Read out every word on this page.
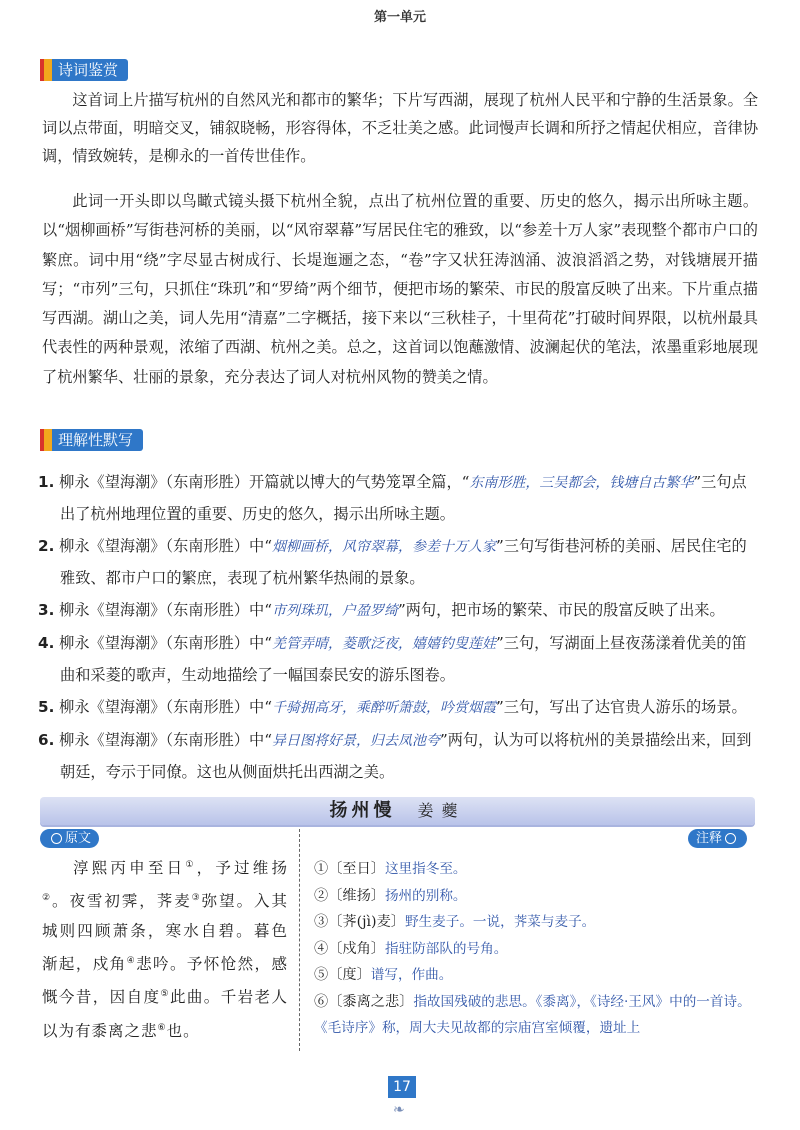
第一单元
诗词鉴赏

这首词上片描写杭州的自然风光和都市的繁华；下片写西湖，展现了杭州人民平和宁静的生活景象。全词以点带面，明暗交叉，铺叙晓畅，形容得体，不乏壮美之感。此词慢声长调和所抒之情起伏相应，音律协调，情致婉转，是柳永的一首传世佳作。

此词一开头即以鸟瞰式镜头摄下杭州全貌，点出了杭州位置的重要、历史的悠久，揭示出所咏主题。以“烟柳画桥”写街巷河桥的美丽，以“风帘翠幕”写居民住宅的雅致，以“参差十万人家”表现整个都市户口的繁庶。词中用“绕”字尽显古树成行、长堤迤逦之态，“卷”字又状狂涛汹涌、波浪滔滔之势，对钱塘展开描写；“市列”三句，只抓住“珠玑”和“罗绮”两个细节，便把市场的繁荣、市民的殷富反映了出来。下片重点描写西湖。湖山之美，词人先用“清嘉”二字概括，接下来以“三秋桂子，十里荷花”打破时间界限，以杭州最具代表性的两种景观，浓缩了西湖、杭州之美。总之，这首词以饱蘸激情、波澜起伏的笔法，浓墨重彩地展现了杭州繁华、壮丽的景象，充分表达了词人对杭州风物的赞美之情。

理解性默写
1. 柳永《望海潮》（东南形胜）开篇就以博大的气势笼罩全篇，“东南形胜，三吴都会，钱塘自古繁华”三句点出了杭州地理位置的重要、历史的悠久，揭示出所咏主题。
2. 柳永《望海潮》（东南形胜）中“烟柳画桥，风帘翠幕，参差十万人家”三句写街巷河桥的美丽、居民住宅的雅致、都市户口的繁庶，表现了杭州繁华热闹的景象。
3. 柳永《望海潮》（东南形胜）中“市列珠玑，户盈罗绮”两句，把市场的繁荣、市民的殷富反映了出来。
4. 柳永《望海潮》（东南形胜）中“羌管弄晴，菱歌泛夜，嬉嬉钓叟莲娃”三句，写湖面上昼夜荡漾着优美的笛曲和采菱的歌声，生动地描绘了一幅国泰民安的游乐图卷。
5. 柳永《望海潮》（东南形胜）中“千骑拥高牙，乘醉听箫鼓，吟赏烟霞”三句，写出了达官贵人游乐的场景。
6. 柳永《望海潮》（东南形胜）中“异日图将好景，归去凤池夸”两句，认为可以将杭州的美景描绘出来，回到朝廷，夸示于同僚。这也从侧面烘托出西湖之美。
扬州慢 姜夔
原文	注释

淳熙丙申至日①，予过维扬②。夜雪初霁，荠麦③弥望。入其城则四顾萧条，寒水自碧。暮色渐起，戍角④悲吟。予怀怆然，感慨今昔，因自度⑤此曲。千岩老人以为有黍离之悲⑥也。

①〔至日〕这里指冬至。
②〔维扬〕扬州的别称。
③〔荠(jì)麦〕野生麦子。一说，荠菜与麦子。
④〔戍角〕指驻防部队的号角。
⑤〔度〕谱写，作曲。
⑥〔黍离之悲〕指故国残破的悲思。《黍离》，《诗经·王风》中的一首诗。《毛诗序》称，周大夫见故都的宗庙宫室倾覆，遗址上
17
❧
